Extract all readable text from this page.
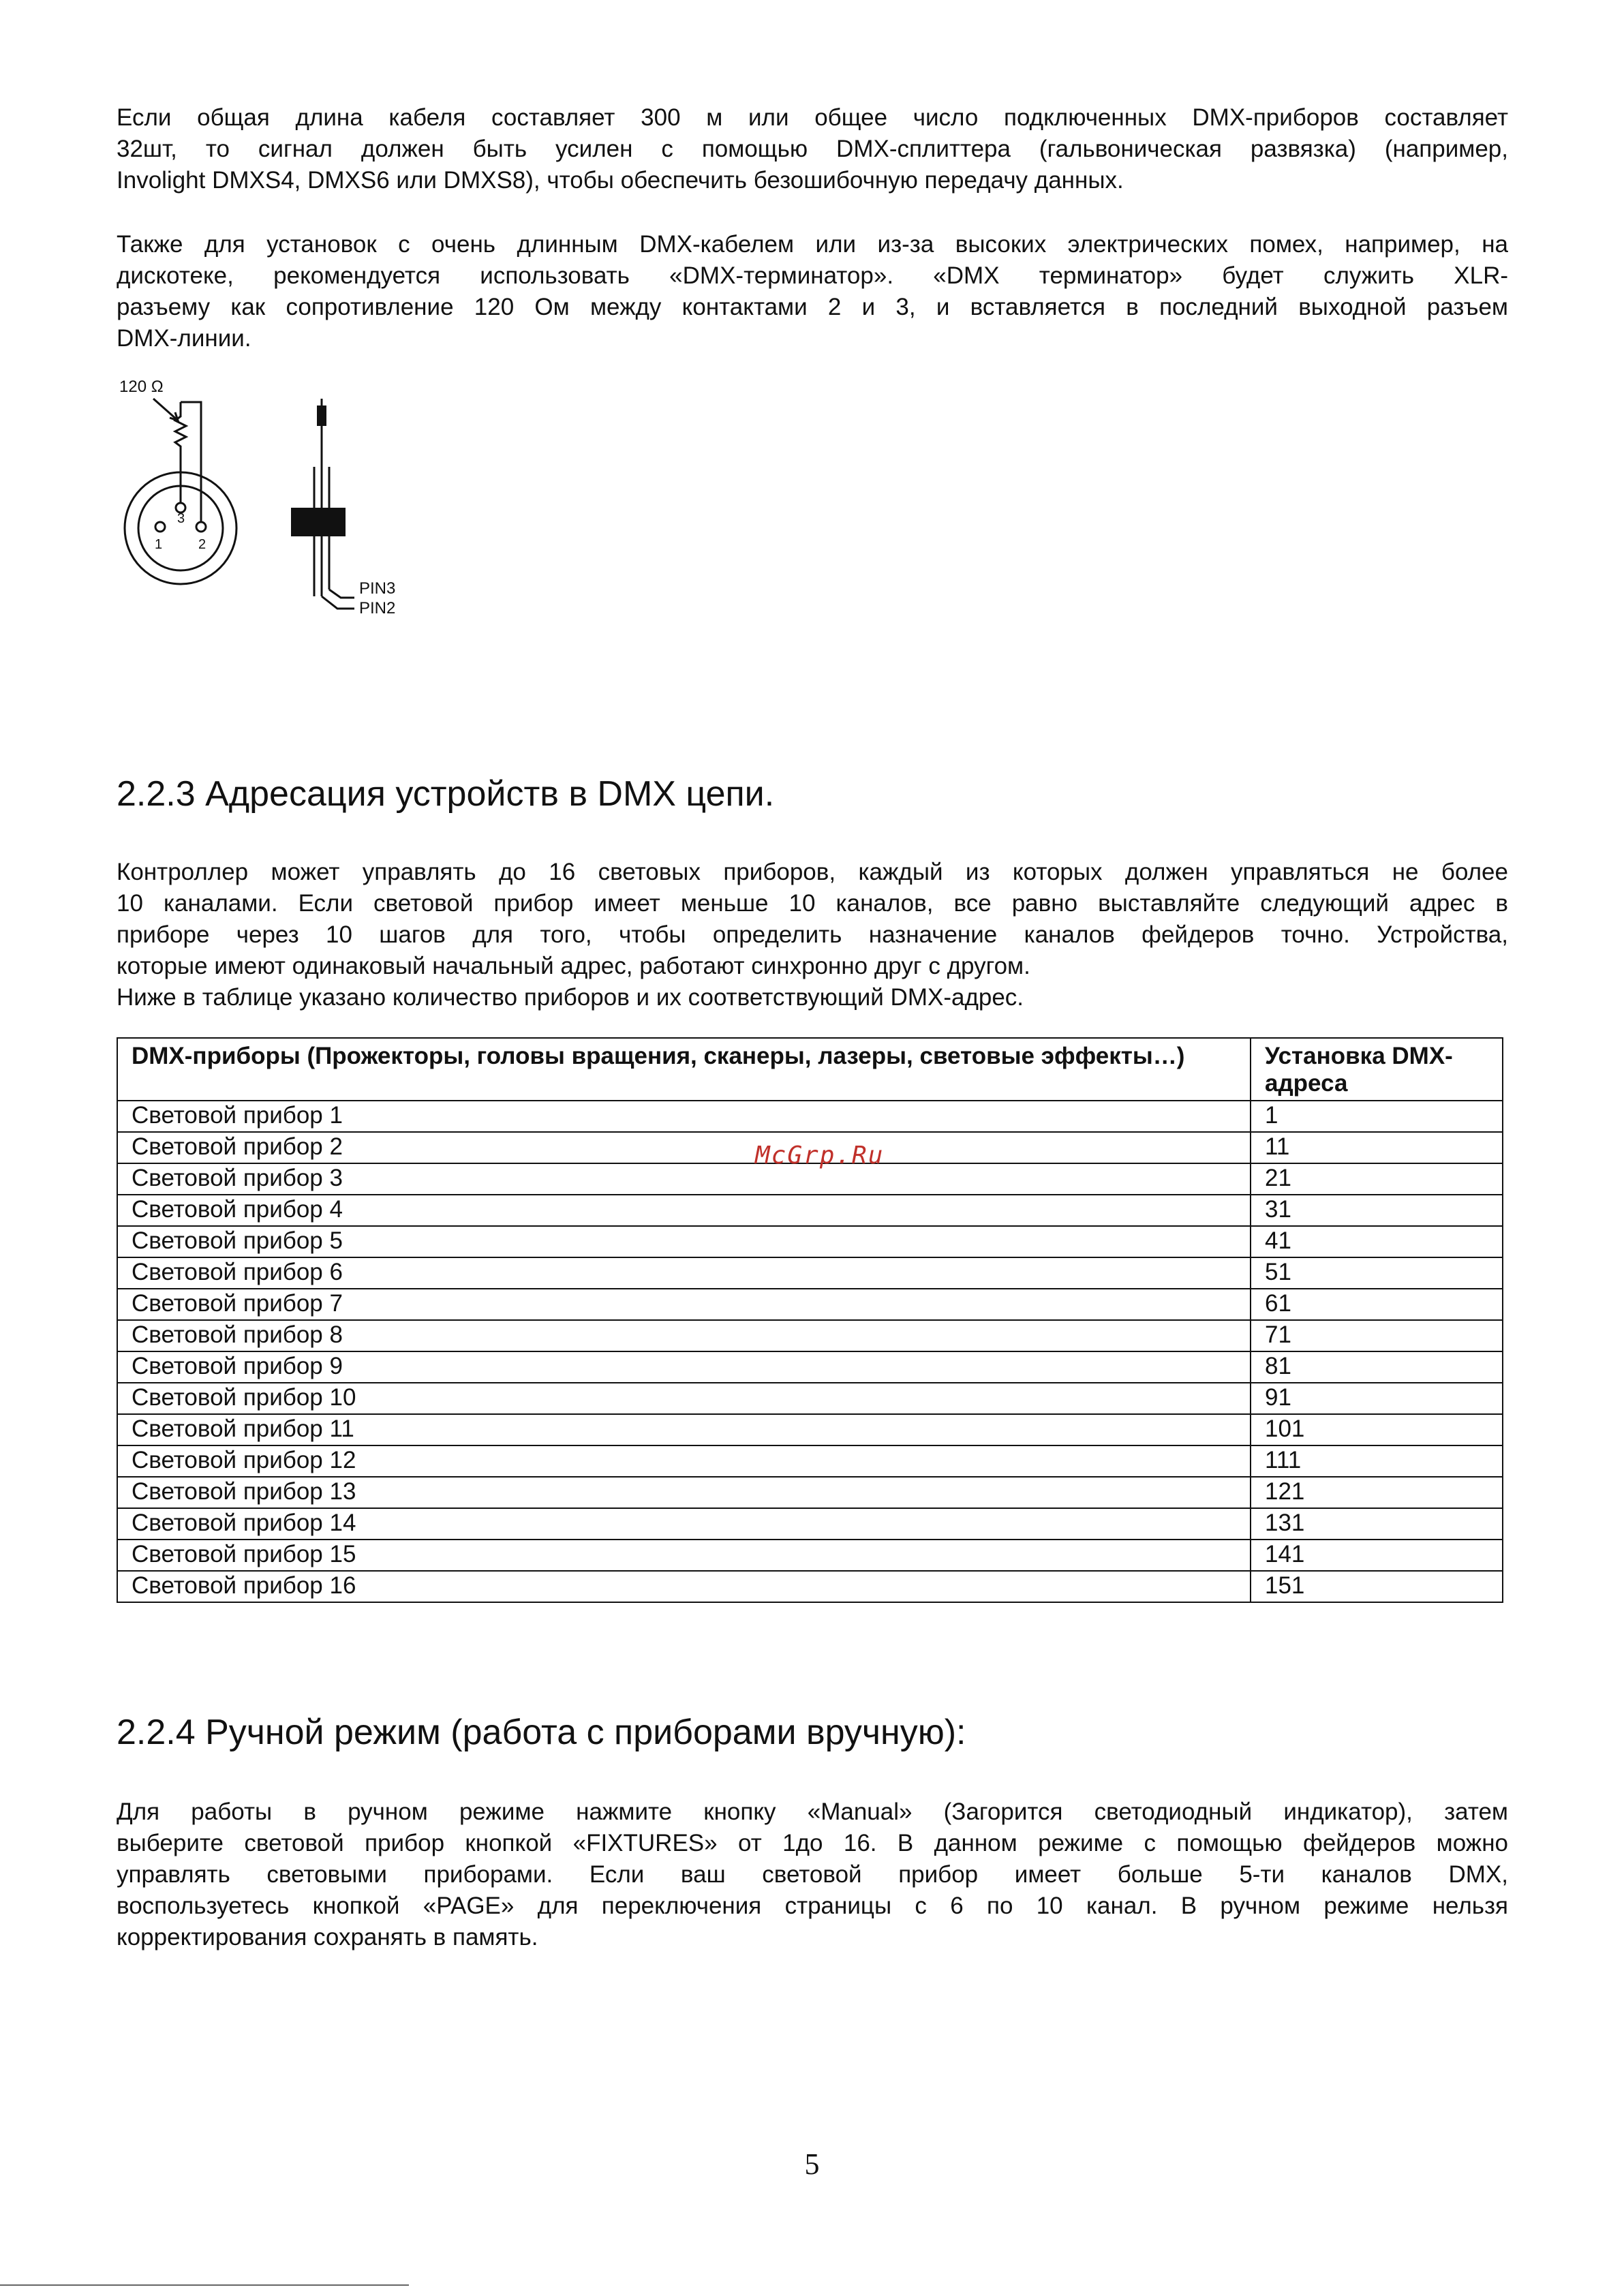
Если общая длина кабеля составляет 300 м или общее число подключенных DMX-приборов составляет
32шт, то сигнал должен быть усилен с помощью DMX-сплиттера (гальвоническая развязка) (например,
Involight DMXS4, DMXS6 или DMXS8), чтобы обеспечить безошибочную передачу данных.
Также для установок с очень длинным DMX-кабелем или из-за высоких электрических помех, например, на
дискотеке, рекомендуется использовать «DMX-терминатор». «DMX терминатор» будет служить XLR-
разъему как сопротивление 120 Ом между контактами 2 и 3, и вставляется в последний выходной разъем
DMX-линии.
120 Ω
3
1	2
PIN3
PIN2
2.2.3 Адресация устройств в DMX цепи.
Контроллер может управлять до 16 световых приборов, каждый из которых должен управляться не более
10 каналами. Если световой прибор имеет меньше 10 каналов, все равно выставляйте следующий адрес в
приборе через 10 шагов для того, чтобы определить назначение каналов фейдеров точно. Устройства,
которые имеют одинаковый начальный адрес, работают синхронно друг с другом.
Ниже в таблице указано количество приборов и их соответствующий DMX-адрес.
DMX-приборы (Прожекторы, головы вращения, сканеры, лазеры, световые эффекты…)	Установка DMX-адреса
Световой прибор 1	1
Световой прибор 2	11
Световой прибор 3	21
Световой прибор 4	31
Световой прибор 5	41
Световой прибор 6	51
Световой прибор 7	61
Световой прибор 8	71
Световой прибор 9	81
Световой прибор 10	91
Световой прибор 11	101
Световой прибор 12	111
Световой прибор 13	121
Световой прибор 14	131
Световой прибор 15	141
Световой прибор 16	151
McGrp.Ru
2.2.4 Ручной режим (работа с приборами вручную):
Для работы в ручном режиме нажмите кнопку «Manual» (Загорится светодиодный индикатор), затем
выберите световой прибор кнопкой «FIXTURES» от 1до 16. В данном режиме с помощью фейдеров можно
управлять световыми приборами. Если ваш световой прибор имеет больше 5-ти каналов DMX,
воспользуетесь кнопкой «PAGE» для переключения страницы с 6 по 10 канал. В ручном режиме нельзя
корректирования сохранять в память.
5
